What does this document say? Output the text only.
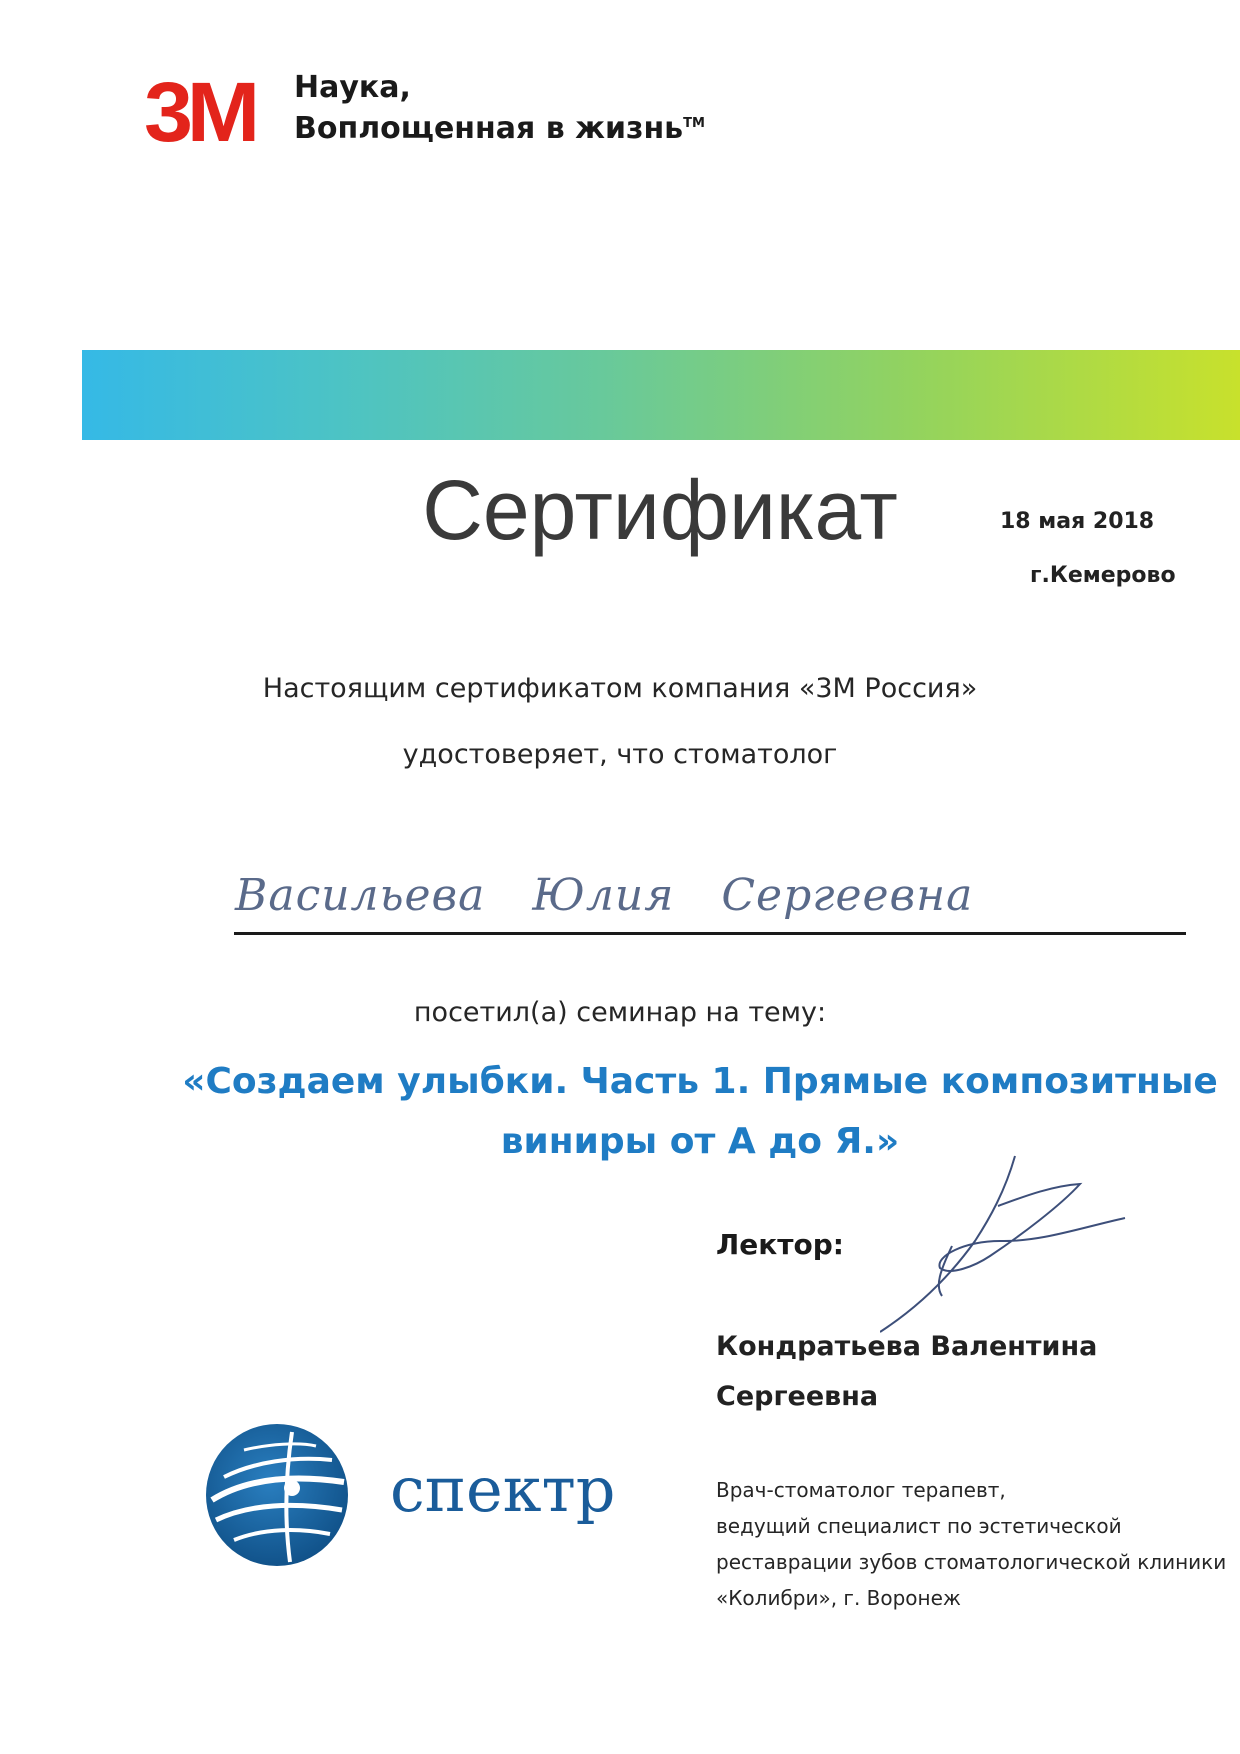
3M Наука,
Воплощенная в жизнь™
Сертификат	18 мая 2018
г.Кемерово
Настоящим сертификатом компания «3М Россия»
удостоверяет, что стоматолог
Васильева Юлия Сергеевна
посетил(а) семинар на тему:
«Создаем улыбки. Часть 1. Прямые композитные
виниры от А до Я.»
Лектор:
Кондратьева Валентина
Сергеевна
Врач-стоматолог терапевт,
ведущий специалист по эстетической
реставрации зубов стоматологической клиники
«Колибри», г. Воронеж
спектр
